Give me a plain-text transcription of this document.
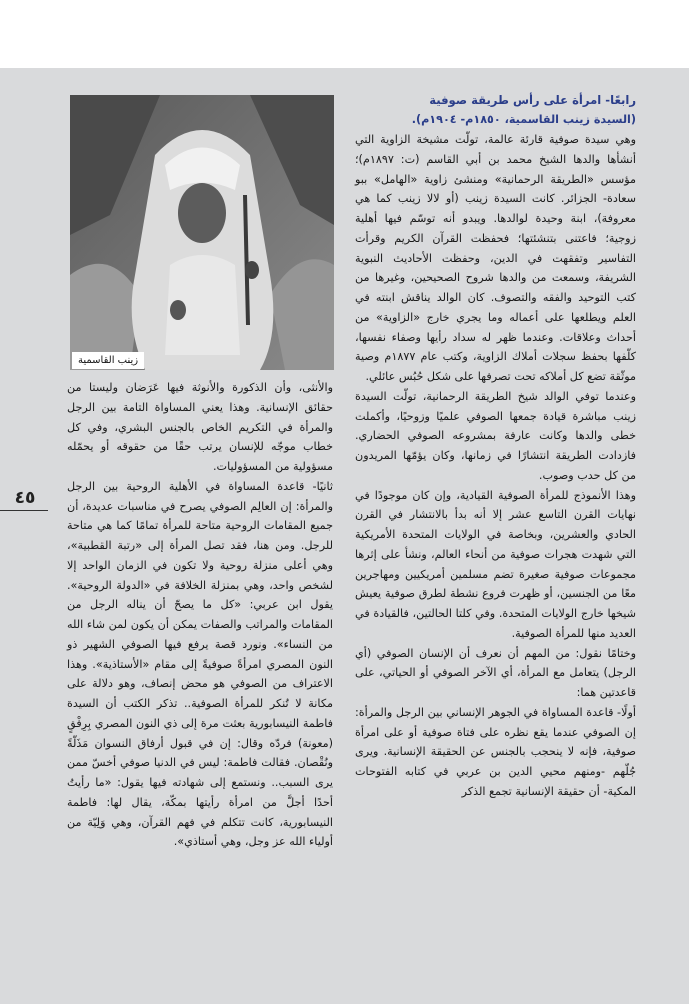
٤٥

رابعًا- امرأة على رأس طريقة صوفية

(السيدة زينب القاسمية، ١٨٥٠م- ١٩٠٤م).

وهي سيدة صوفية قارئة عالمة، تولّت مشيخة الزاوية التي أنشأها والدها الشيخ محمد بن أبي القاسم (ت: ١٨٩٧م)؛ مؤسس «الطريقة الرحمانية» ومنشئ زاوية «الهامل» ببو سعادة- الجزائر. كانت السيدة زينب (أو لالا زينب كما هي معروفة)، ابنة وحيدة لوالدها. ويبدو أنه توسّم فيها أهلية زوجية؛ فاعتنى بتنشئتها؛ فحفظت القرآن الكريم وقرأت التفاسير وتفقهت في الدين، وحفظت الأحاديث النبوية الشريفة، وسمعت من والدها شروح الصحيحين، وغيرها من كتب التوحيد والفقه والتصوف. كان الوالد يناقش ابنته في العلم ويطلعها على أعماله وما يجري خارج «الزاوية» من أحداث وعلاقات. وعندما ظهر له سداد رأيها وصفاء نفسها، كلّفها بحفظ سجلات أملاك الزاوية، وكتب عام ١٨٧٧م وصية موثّقة تضع كل أملاكه تحت تصرفها على شكل حُبُس عائلي.

وعندما توفي الوالد شيخ الطريقة الرحمانية، تولّت السيدة زينب مباشرة قيادة جمعها الصوفي علميًا وزوحيًا، وأكملت خطى والدها وكانت عارفة بمشروعه الصوفي الحضاري. فازدادت الطريقة انتشارًا في زمانها، وكان يؤمّها المريدون من كل حدب وصوب.

وهذا الأنموذج للمرأة الصوفية القيادية، وإن كان موجودًا في نهايات القرن التاسع عشر إلا أنه بدأ بالانتشار في القرن الحادي والعشرين، وبخاصة في الولايات المتحدة الأمريكية التي شهدت هجرات صوفية من أنحاء العالم، ونشأ على إثرها مجموعات صوفية صغيرة تضم مسلمين أمريكيين ومهاجرين معًا من الجنسين، أو ظهرت فروع نشطة لطرق صوفية يعيش شيخها خارج الولايات المتحدة. وفي كلتا الحالتين، فالقيادة في العديد منها للمرأة الصوفية.

وختامًا نقول: من المهم أن نعرف أن الإنسان الصوفي (أي الرجل) يتعامل مع المرأة، أي الآخر الصوفي أو الحياتي، على قاعدتين هما:

أولًا- قاعدة المساواة في الجوهر الإنساني بين الرجل والمرأة: إن الصوفي عندما يقع نظره على فتاة صوفية أو على امرأة صوفية، فإنه لا ينحجب بالجنس عن الحقيقة الإنسانية. ويرى جُلّهم -ومنهم محيي الدين بن عربي في كتابه الفتوحات المكية- أن حقيقة الإنسانية تجمع الذكر

زينب القاسمية

والأنثى، وأن الذكورة والأنوثة فيها عَرَضان وليستا من حقائق الإنسانية. وهذا يعني المساواة التامة بين الرجل والمرأة في التكريم الخاص بالجنس البشري، وفي كل خطاب موجّه للإنسان يرتب حقًا من حقوقه أو يحمّله مسؤولية من المسؤوليات.

ثانيًا- قاعدة المساواة في الأهلية الروحية بين الرجل والمرأة: إن العالِم الصوفي يصرح في مناسبات عديدة، أن جميع المقامات الروحية متاحة للمرأة تمامًا كما هي متاحة للرجل. ومن هنا، فقد تصل المرأة إلى «رتبة القطبية»، وهي أعلى منزلة روحية ولا تكون في الزمان الواحد إلا لشخص واحد، وهي بمنزلة الخلافة في «الدولة الروحية». يقول ابن عربي: «كل ما يصحّ أن يناله الرجل من المقامات والمراتب والصفات يمكن أن يكون لمن شاء الله من النساء». ونورد قصة يرفع فيها الصوفي الشهير ذو النون المصري امرأةً صوفيةً إلى مقام «الأستاذية». وهذا الاعتراف من الصوفي هو محض إنصاف، وهو دلالة على مكانة لا تُنكر للمرأة الصوفية.. تذكر الكتب أن السيدة فاطمة النيسابورية بعثت مرة إلى ذي النون المصري بِرِفْقٍ (معونة) فردّه وقال: إن في قبول أرفاق النسوان مَذَلّةً ونُقْصان. فقالت فاطمة: ليس في الدنيا صوفي أخسّ ممن يرى السبب.. ونستمع إلى شهادته فيها يقول: «ما رأيتُ أحدًا أجلَّ من امرأة رأيتها بمكّة، يقال لها: فاطمة النيسابورية، كانت تتكلم في فهم القرآن، وهي وَلِيّة من أولياء الله عز وجل، وهي أستاذي».
